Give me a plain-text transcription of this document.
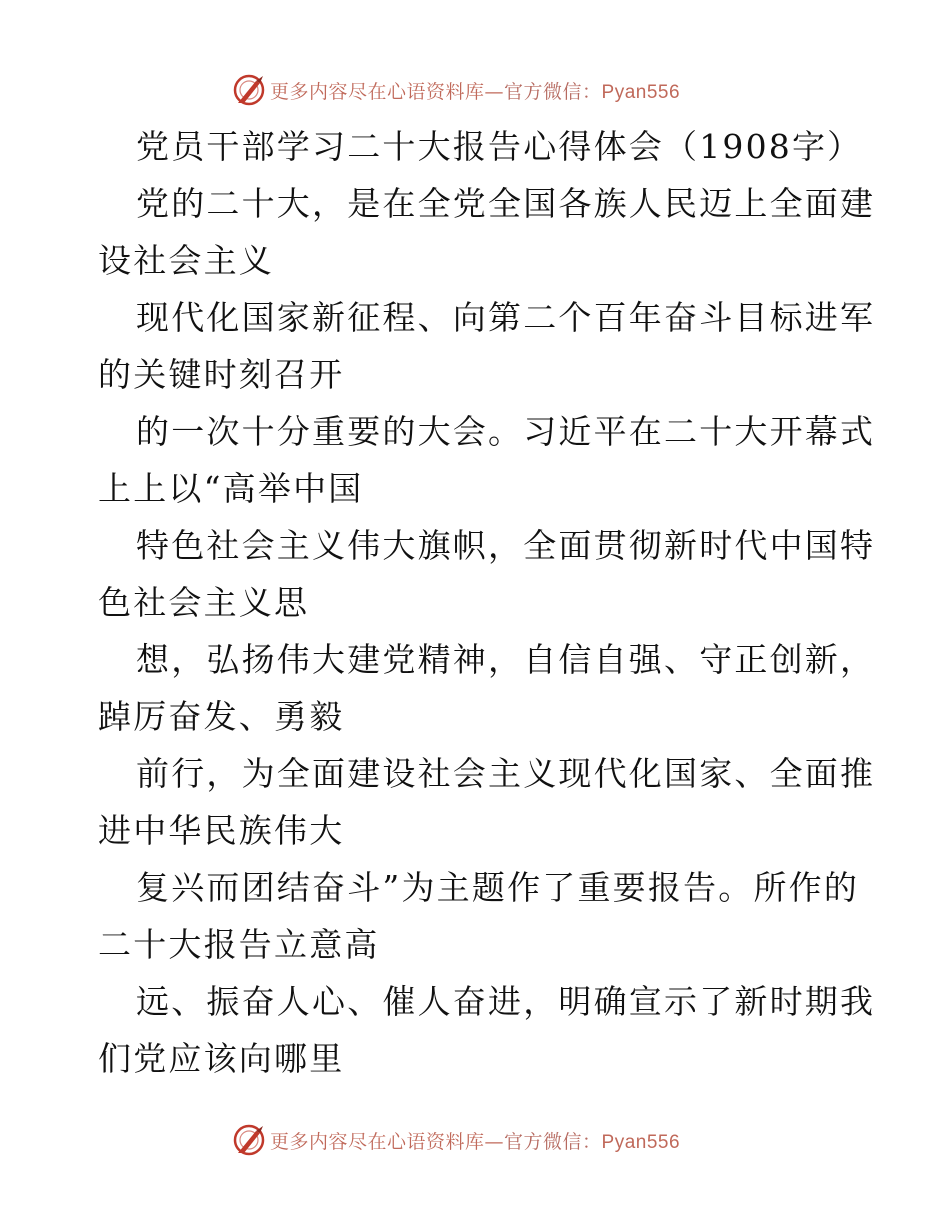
更多内容尽在心语资料库—官方微信：Pyan556
党员干部学习二十大报告心得体会（1908字）
党的二十大，是在全党全国各族人民迈上全面建
设社会主义
现代化国家新征程、向第二个百年奋斗目标进军
的关键时刻召开
的一次十分重要的大会。习近平在二十大开幕式
上上以“高举中国
特色社会主义伟大旗帜，全面贯彻新时代中国特
色社会主义思
想，弘扬伟大建党精神，自信自强、守正创新，
踔厉奋发、勇毅
前行，为全面建设社会主义现代化国家、全面推
进中华民族伟大
复兴而团结奋斗”为主题作了重要报告。所作的
二十大报告立意高
远、振奋人心、催人奋进，明确宣示了新时期我
们党应该向哪里
更多内容尽在心语资料库—官方微信：Pyan556
